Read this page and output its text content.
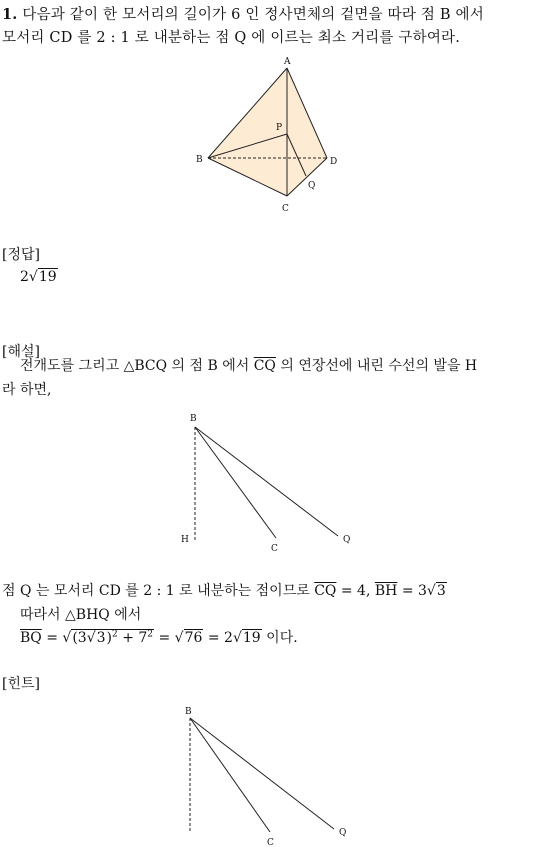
1. 다음과 같이 한 모서리의 길이가 6 인 정사면체의 겉면을 따라 점 B 에서
모서리 CD 를 2 : 1 로 내분하는 점 Q 에 이르는 최소 거리를 구하여라.
A
P
B	D
Q
C
B
H
C
Q
B
C
Q
[정답]
2√19
[해설]
전개도를 그리고 △BCQ 의 점 B 에서 $\overline{CQ}$ 의 연장선에 내린 수선의 발을 H
라 하면,
점 Q 는 모서리 CD 를 2 : 1 로 내분하는 점이므로 $\overline{CQ} = 4$, $\overline{BH} = 3√3$
따라서 △BHQ 에서
$\overline{BQ} = √(3√3)^2 + 7^2 = √76 = 2√19$ 이다.
[힌트]
